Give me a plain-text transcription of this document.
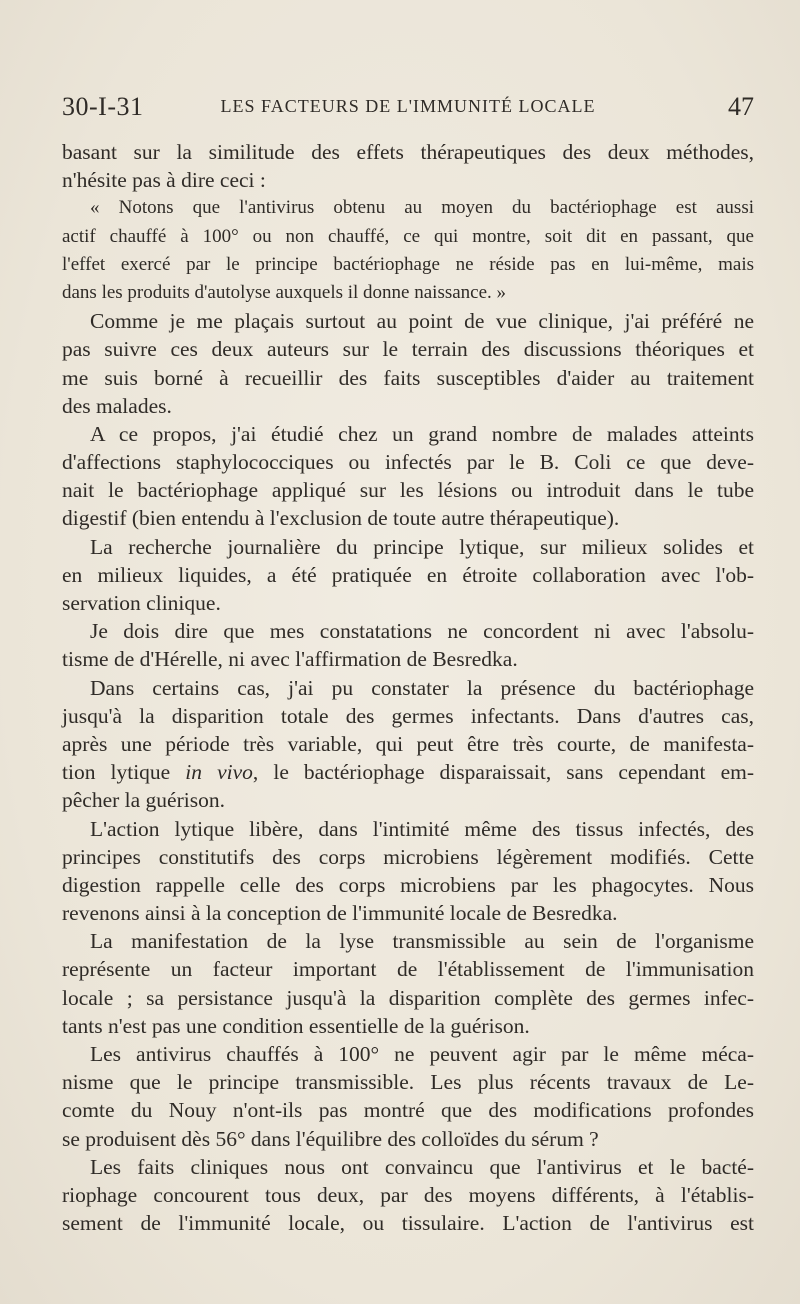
30-I-31	LES FACTEURS DE L'IMMUNITÉ LOCALE	47
basant sur la similitude des effets thérapeutiques des deux méthodes,
n'hésite pas à dire ceci :
« Notons que l'antivirus obtenu au moyen du bactériophage est aussi
actif chauffé à 100° ou non chauffé, ce qui montre, soit dit en passant, que
l'effet exercé par le principe bactériophage ne réside pas en lui-même, mais
dans les produits d'autolyse auxquels il donne naissance. »
Comme je me plaçais surtout au point de vue clinique, j'ai préféré ne
pas suivre ces deux auteurs sur le terrain des discussions théoriques et
me suis borné à recueillir des faits susceptibles d'aider au traitement
des malades.
A ce propos, j'ai étudié chez un grand nombre de malades atteints
d'affections staphylococciques ou infectés par le B. Coli ce que deve-
nait le bactériophage appliqué sur les lésions ou introduit dans le tube
digestif (bien entendu à l'exclusion de toute autre thérapeutique).
La recherche journalière du principe lytique, sur milieux solides et
en milieux liquides, a été pratiquée en étroite collaboration avec l'ob-
servation clinique.
Je dois dire que mes constatations ne concordent ni avec l'absolu-
tisme de d'Hérelle, ni avec l'affirmation de Besredka.
Dans certains cas, j'ai pu constater la présence du bactériophage
jusqu'à la disparition totale des germes infectants. Dans d'autres cas,
après une période très variable, qui peut être très courte, de manifesta-
tion lytique in vivo, le bactériophage disparaissait, sans cependant em-
pêcher la guérison.
L'action lytique libère, dans l'intimité même des tissus infectés, des
principes constitutifs des corps microbiens légèrement modifiés. Cette
digestion rappelle celle des corps microbiens par les phagocytes. Nous
revenons ainsi à la conception de l'immunité locale de Besredka.
La manifestation de la lyse transmissible au sein de l'organisme
représente un facteur important de l'établissement de l'immunisation
locale ; sa persistance jusqu'à la disparition complète des germes infec-
tants n'est pas une condition essentielle de la guérison.
Les antivirus chauffés à 100° ne peuvent agir par le même méca-
nisme que le principe transmissible. Les plus récents travaux de Le-
comte du Nouy n'ont-ils pas montré que des modifications profondes
se produisent dès 56° dans l'équilibre des colloïdes du sérum ?
Les faits cliniques nous ont convaincu que l'antivirus et le bacté-
riophage concourent tous deux, par des moyens différents, à l'établis-
sement de l'immunité locale, ou tissulaire. L'action de l'antivirus est
